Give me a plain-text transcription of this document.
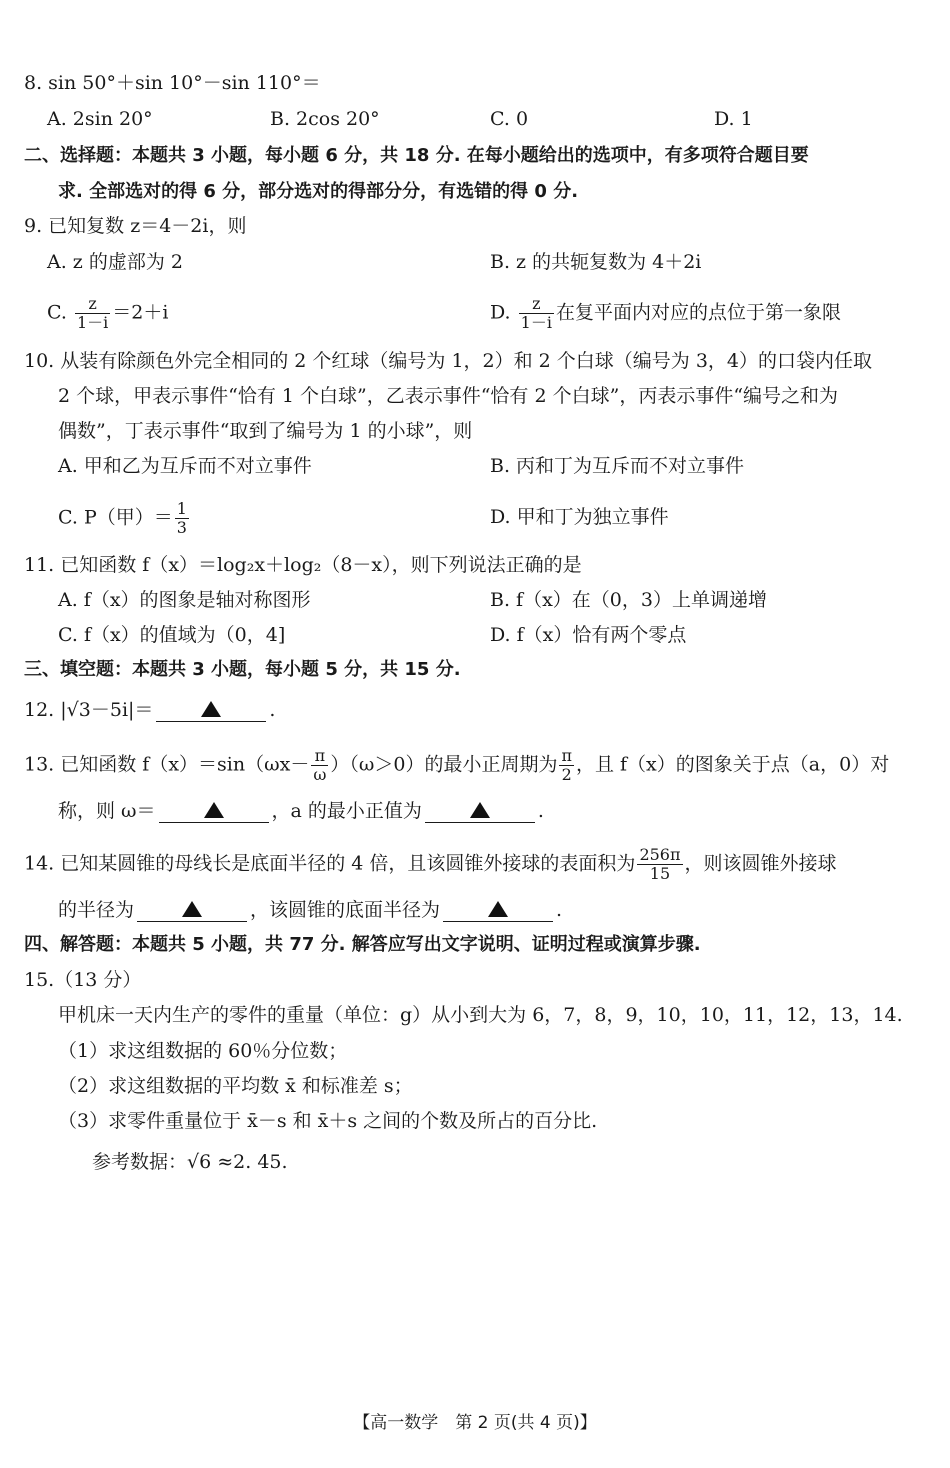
8. sin 50°＋sin 10°－sin 110°＝
A. 2sin 20°	B. 2cos 20°	C. 0	D. 1
二、选择题：本题共 3 小题，每小题 6 分，共 18 分. 在每小题给出的选项中，有多项符合题目要
求. 全部选对的得 6 分，部分选对的得部分分，有选错的得 0 分.
9. 已知复数 z＝4－2i，则
A. z 的虚部为 2	B. z 的共轭复数为 4＋2i
C. $\frac{z}{1-i} =2+i$	D. $\frac{z}{1-i}$ 在复平面内对应的点位于第一象限
10. 从装有除颜色外完全相同的 2 个红球（编号为 1，2）和 2 个白球（编号为 3，4）的口袋内任取
2 个球，甲表示事件“恰有 1 个白球”，乙表示事件“恰有 2 个白球”，丙表示事件“编号之和为
偶数”，丁表示事件“取到了编号为 1 的小球”，则
A. 甲和乙为互斥而不对立事件	B. 丙和丁为互斥而不对立事件
C. P（甲）＝ $\frac{1}{3}$	D. 甲和丁为独立事件
11. 已知函数 f（x）＝log₂x＋log₂（8－x），则下列说法正确的是
A. f（x）的图象是轴对称图形	B. f（x）在（0，3）上单调递增
C. f（x）的值域为（0，4]	D. f（x）恰有两个零点
三、填空题：本题共 3 小题，每小题 5 分，共 15 分.
12. |√3－5i|＝	.
13. 已知函数 $f(x)=\sin(\omega x- \frac{\pi}{\omega} )(\omega>0)$的最小正周期为 $\frac{\pi}{2}$ ，且 f（x）的图象关于点（a，0）对
称，则 ω＝	，a 的最小正值为	.
14. 已知某圆锥的母线长是底面半径的 4 倍，且该圆锥外接球的表面积为 $\frac{256\pi}{15}$ ，则该圆锥外接球
的半径为	，该圆锥的底面半径为	.
四、解答题：本题共 5 小题，共 77 分. 解答应写出文字说明、证明过程或演算步骤.
15.（13 分）
甲机床一天内生产的零件的重量（单位：g）从小到大为 6，7，8，9，10，10，11，12，13，14.
（1）求这组数据的 60％分位数；
（2）求这组数据的平均数 x̄ 和标准差 s；
（3）求零件重量位于 x̄－s 和 x̄＋s 之间的个数及所占的百分比.
参考数据：√6 ≈2. 45.
【高一数学　第 2 页(共 4 页)】
